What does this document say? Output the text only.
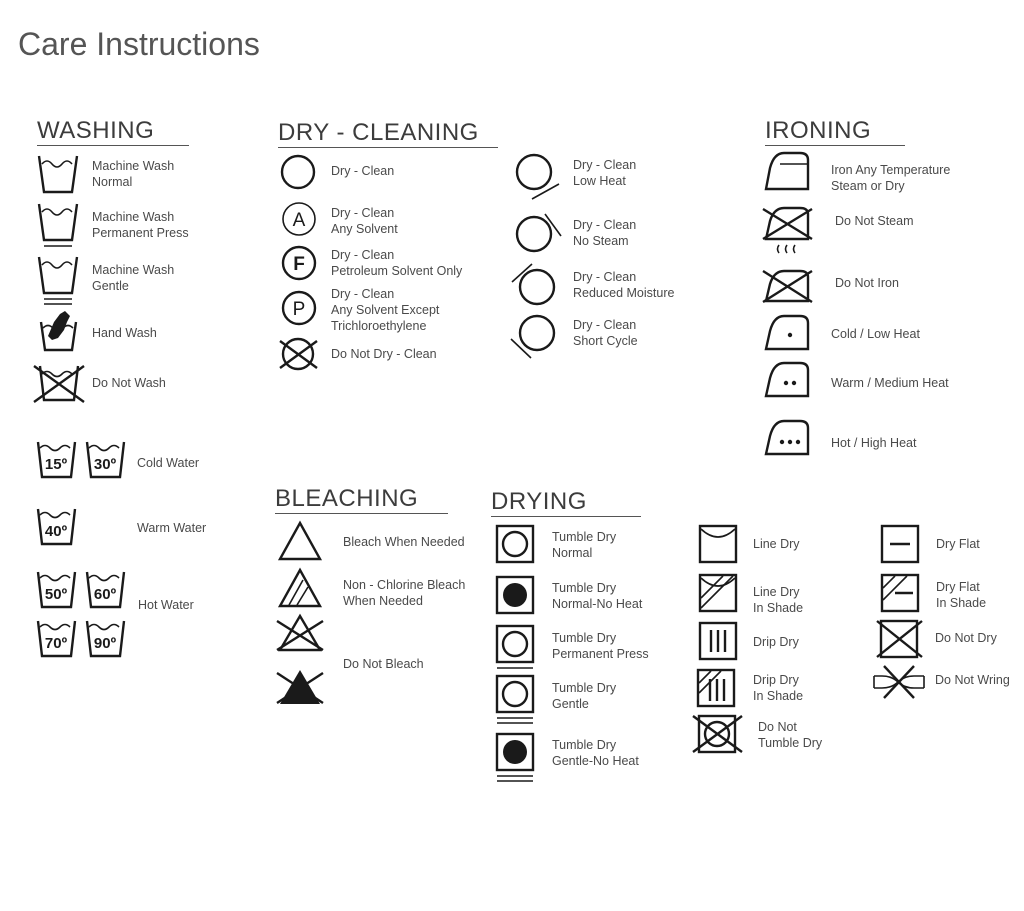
Care Instructions
WASHING	DRY - CLEANING	IRONING
BLEACHING	DRYING
Machine Wash
Normal
Machine Wash
Permanent Press
Machine Wash
Gentle
Hand Wash
Do Not Wash
15º 30º Cold Water
40º	Warm Water
50º 60º
Hot Water
70º 90º
Dry - Clean
A Dry - Clean
Any Solvent
F Dry - Clean
Petroleum Solvent Only
P
Dry - Clean
Any Solvent Except
Trichloroethylene
Do Not Dry - Clean
Dry - Clean
Low Heat
Dry - Clean
No Steam
Dry - Clean
Reduced Moisture
Dry - Clean
Short Cycle
Iron Any Temperature
Steam or Dry
Do Not Steam
Do Not Iron
Cold / Low Heat
Warm / Medium Heat
Hot / High Heat
Bleach When Needed
Non - Chlorine Bleach
When Needed
Do Not Bleach
Tumble Dry
Normal
Tumble Dry
Normal-No Heat
Tumble Dry
Permanent Press
Tumble Dry
Gentle
Tumble Dry
Gentle-No Heat
Line Dry
Line Dry
In Shade
Drip Dry
Drip Dry
In Shade
Do Not
Tumble Dry
Dry Flat
Dry Flat
In Shade
Do Not Dry
Do Not Wring
